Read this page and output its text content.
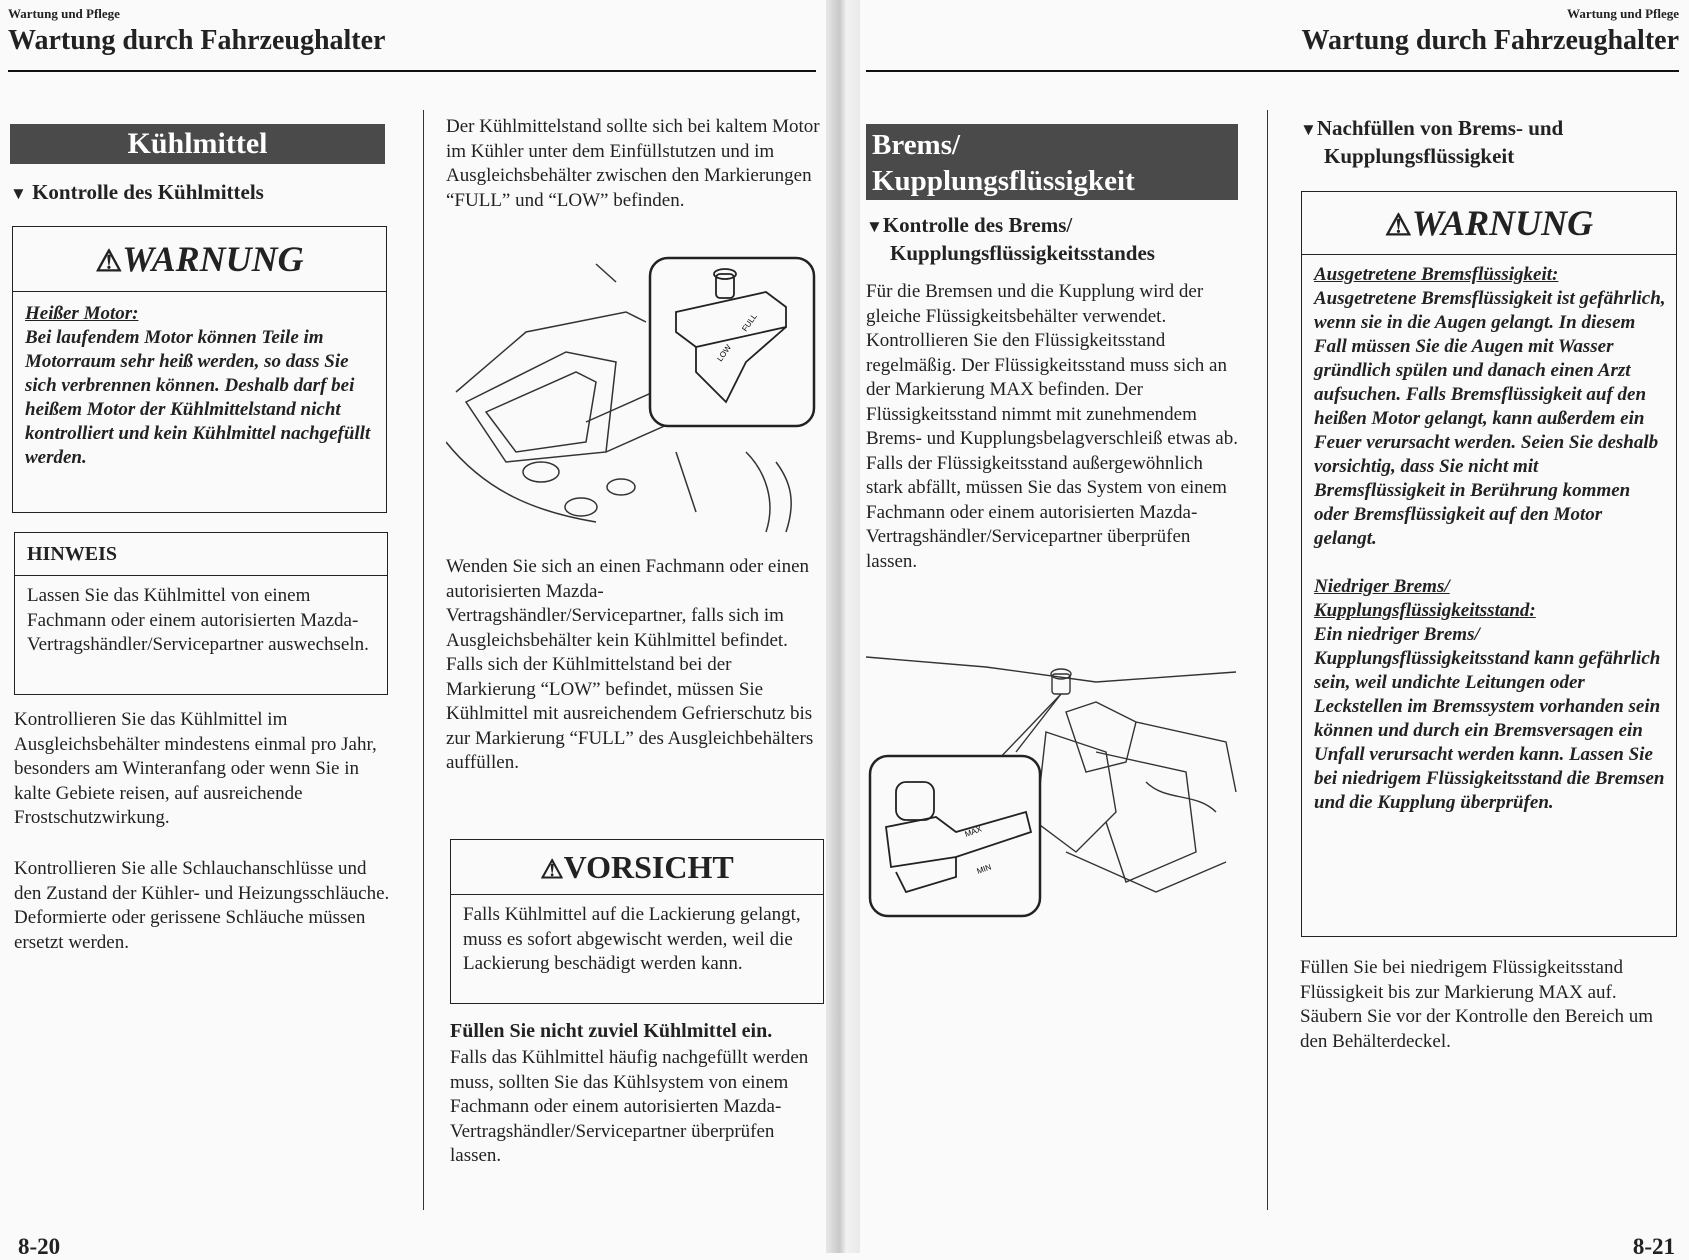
Wartung und Pflege
Wartung durch Fahrzeughalter
Kühlmittel
▼ Kontrolle des Kühlmittels
⚠WARNUNG
Heißer Motor:
Bei laufendem Motor können Teile im Motorraum sehr heiß werden, so dass Sie sich verbrennen können. Deshalb darf bei heißem Motor der Kühlmittelstand nicht kontrolliert und kein Kühlmittel nachgefüllt werden.
HINWEIS
Lassen Sie das Kühlmittel von einem Fachmann oder einem autorisierten Mazda-Vertragshändler/Servicepartner auswechseln.
Kontrollieren Sie das Kühlmittel im Ausgleichsbehälter mindestens einmal pro Jahr, besonders am Winteranfang oder wenn Sie in kalte Gebiete reisen, auf ausreichende Frostschutzwirkung.
Kontrollieren Sie alle Schlauchanschlüsse und den Zustand der Kühler- und Heizungsschläuche.
Deformierte oder gerissene Schläuche müssen ersetzt werden.
Der Kühlmittelstand sollte sich bei kaltem Motor im Kühler unter dem Einfüllstutzen und im Ausgleichsbehälter zwischen den Markierungen “FULL” und “LOW” befinden.
FULL
LOW
Wenden Sie sich an einen Fachmann oder einen autorisierten Mazda-Vertragshändler/Servicepartner, falls sich im Ausgleichsbehälter kein Kühlmittel befindet.
Falls sich der Kühlmittelstand bei der Markierung “LOW” befindet, müssen Sie Kühlmittel mit ausreichendem Gefrierschutz bis zur Markierung “FULL” des Ausgleichbehälters auffüllen.
⚠VORSICHT
Falls Kühlmittel auf die Lackierung gelangt, muss es sofort abgewischt werden, weil die Lackierung beschädigt werden kann.
Füllen Sie nicht zuviel Kühlmittel ein.
Falls das Kühlmittel häufig nachgefüllt werden muss, sollten Sie das Kühlsystem von einem Fachmann oder einem autorisierten Mazda-Vertragshändler/Servicepartner überprüfen lassen.
8-20
Wartung und Pflege
Wartung durch Fahrzeughalter
Brems/
Kupplungsflüssigkeit
▼Kontrolle des Brems/
Kupplungsflüssigkeitsstandes
Für die Bremsen und die Kupplung wird der gleiche Flüssigkeitsbehälter verwendet.
Kontrollieren Sie den Flüssigkeitsstand regelmäßig. Der Flüssigkeitsstand muss sich an der Markierung MAX befinden. Der Flüssigkeitsstand nimmt mit zunehmendem Brems- und Kupplungsbelagverschleiß etwas ab. Falls der Flüssigkeitsstand außergewöhnlich stark abfällt, müssen Sie das System von einem Fachmann oder einem autorisierten Mazda-Vertragshändler/Servicepartner überprüfen lassen.
MAX
MIN
▼Nachfüllen von Brems- und
Kupplungsflüssigkeit
⚠WARNUNG
Ausgetretene Bremsflüssigkeit:
Ausgetretene Bremsflüssigkeit ist gefährlich, wenn sie in die Augen gelangt. In diesem Fall müssen Sie die Augen mit Wasser gründlich spülen und danach einen Arzt aufsuchen. Falls Bremsflüssigkeit auf den heißen Motor gelangt, kann außerdem ein Feuer verursacht werden. Seien Sie deshalb vorsichtig, dass Sie nicht mit Bremsflüssigkeit in Berührung kommen oder Bremsflüssigkeit auf den Motor gelangt.
Niedriger Brems/ Kupplungsflüssigkeitsstand:
Ein niedriger Brems/ Kupplungsflüssigkeitsstand kann gefährlich sein, weil undichte Leitungen oder Leckstellen im Bremssystem vorhanden sein können und durch ein Bremsversagen ein Unfall verursacht werden kann. Lassen Sie bei niedrigem Flüssigkeitsstand die Bremsen und die Kupplung überprüfen.
Füllen Sie bei niedrigem Flüssigkeitsstand Flüssigkeit bis zur Markierung MAX auf.
Säubern Sie vor der Kontrolle den Bereich um den Behälterdeckel.
8-21
